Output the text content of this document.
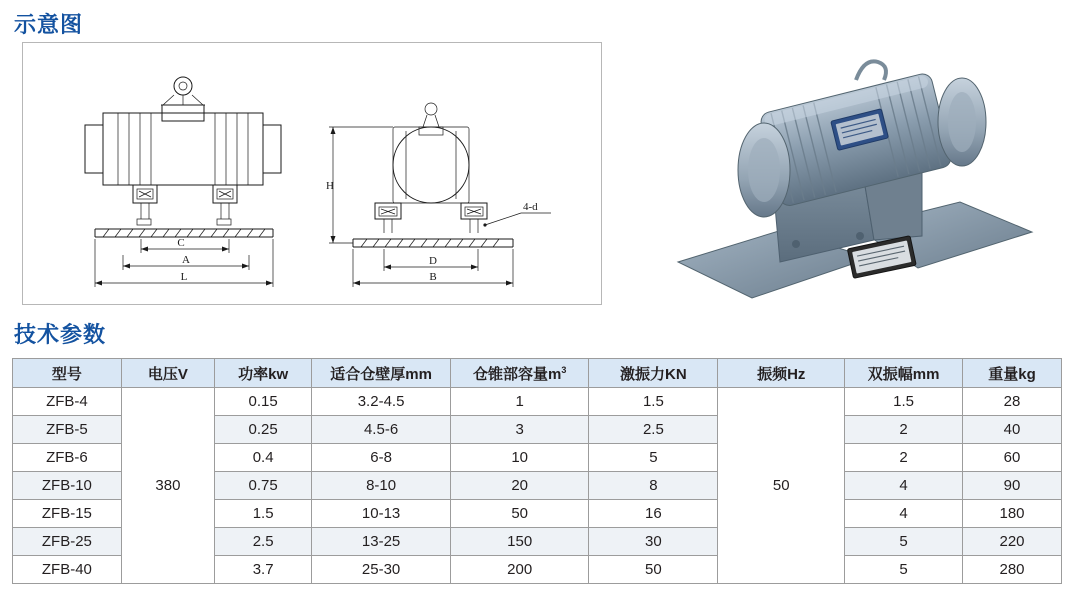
示意图
C
A
L
H
4-d
D
B
技术参数
型号	电压V	功率kw	适合仓壁厚mm	仓锥部容量$m^3$	激振力KN	振频Hz	双振幅mm	重量kg
ZFB-4	380	0.15	3.2-4.5	1	1.5	50	1.5	28
ZFB-5		0.25	4.5-6	3	2.5		2	40
ZFB-6		0.4	6-8	10	5		2	60
ZFB-10		0.75	8-10	20	8		4	90
ZFB-15		1.5	10-13	50	16		4	180
ZFB-25		2.5	13-25	150	30		5	220
ZFB-40		3.7	25-30	200	50		5	280
